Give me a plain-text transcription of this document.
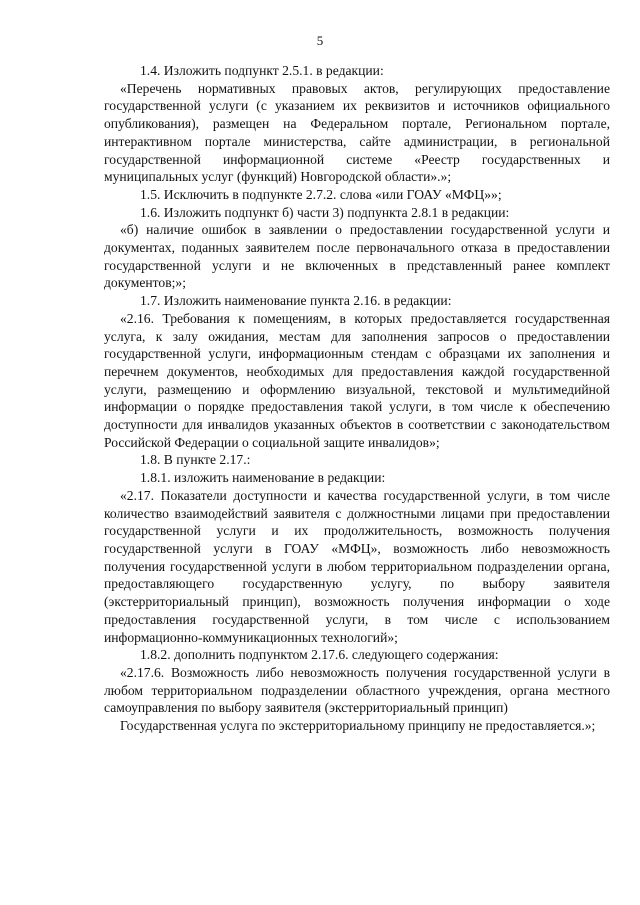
5

1.4. Изложить подпункт 2.5.1. в редакции:

«Перечень нормативных правовых актов, регулирующих предоставление государственной услуги (с указанием их реквизитов и источников официального опубликования), размещен на Федеральном портале, Региональном портале, интерактивном портале министерства, сайте администрации, в региональной государственной информационной системе «Реестр государственных и муниципальных услуг (функций) Новгородской области».»;

1.5. Исключить в подпункте 2.7.2. слова «или ГОАУ «МФЦ»»;

1.6. Изложить подпункт б) части 3) подпункта 2.8.1 в редакции:

«б) наличие ошибок в заявлении о предоставлении государственной услуги и документах, поданных заявителем после первоначального отказа в предоставлении государственной услуги и не включенных в представленный ранее комплект документов;»;

1.7. Изложить наименование пункта 2.16. в редакции:

«2.16. Требования к помещениям, в которых предоставляется государственная услуга, к залу ожидания, местам для заполнения запросов о предоставлении государственной услуги, информационным стендам с образцами их заполнения и перечнем документов, необходимых для предоставления каждой государственной услуги, размещению и оформлению визуальной, текстовой и мультимедийной информации о порядке предоставления такой услуги, в том числе к обеспечению доступности для инвалидов указанных объектов в соответствии с законодательством Российской Федерации о социальной защите инвалидов»;

1.8. В пункте 2.17.:

1.8.1. изложить наименование в редакции:

«2.17. Показатели доступности и качества государственной услуги, в том числе количество взаимодействий заявителя с должностными лицами при предоставлении государственной услуги и их продолжительность, возможность получения государственной услуги в ГОАУ «МФЦ», возможность либо невозможность получения государственной услуги в любом территориальном подразделении органа, предоставляющего государственную услугу, по выбору заявителя (экстерриториальный принцип), возможность получения информации о ходе предоставления государственной услуги, в том числе с использованием информационно-коммуникационных технологий»;

1.8.2. дополнить подпунктом 2.17.6. следующего содержания:

«2.17.6. Возможность либо невозможность получения государственной услуги в любом территориальном подразделении областного учреждения, органа местного самоуправления по выбору заявителя (экстерриториальный принцип)

Государственная услуга по экстерриториальному принципу не предоставляется.»;
